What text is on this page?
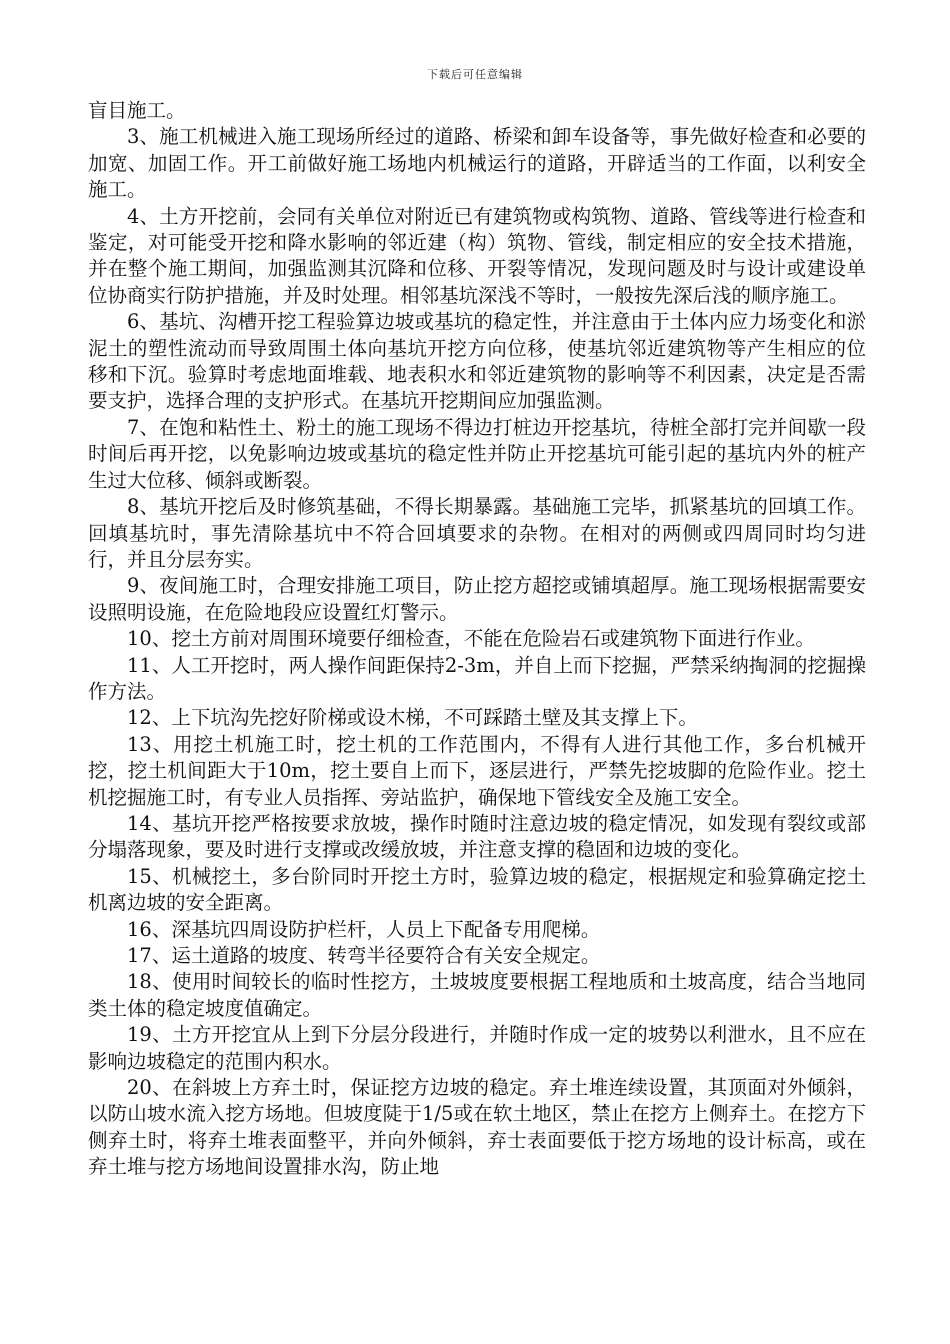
下载后可任意编辑

盲目施工。

3、施工机械进入施工现场所经过的道路、桥梁和卸车设备等，事先做好检查和必要的加宽、加固工作。开工前做好施工场地内机械运行的道路，开辟适当的工作面，以利安全施工。

4、土方开挖前，会同有关单位对附近已有建筑物或构筑物、道路、管线等进行检查和鉴定，对可能受开挖和降水影响的邻近建（构）筑物、管线，制定相应的安全技术措施，并在整个施工期间，加强监测其沉降和位移、开裂等情况，发现问题及时与设计或建设单位协商实行防护措施，并及时处理。相邻基坑深浅不等时，一般按先深后浅的顺序施工。

6、基坑、沟槽开挖工程验算边坡或基坑的稳定性，并注意由于土体内应力场变化和淤泥土的塑性流动而导致周围土体向基坑开挖方向位移，使基坑邻近建筑物等产生相应的位移和下沉。验算时考虑地面堆载、地表积水和邻近建筑物的影响等不利因素，决定是否需要支护，选择合理的支护形式。在基坑开挖期间应加强监测。

7、在饱和粘性土、粉土的施工现场不得边打桩边开挖基坑，待桩全部打完并间歇一段时间后再开挖，以免影响边坡或基坑的稳定性并防止开挖基坑可能引起的基坑内外的桩产生过大位移、倾斜或断裂。

8、基坑开挖后及时修筑基础，不得长期暴露。基础施工完毕，抓紧基坑的回填工作。回填基坑时，事先清除基坑中不符合回填要求的杂物。在相对的两侧或四周同时均匀进行，并且分层夯实。

9、夜间施工时，合理安排施工项目，防止挖方超挖或铺填超厚。施工现场根据需要安设照明设施，在危险地段应设置红灯警示。

10、挖土方前对周围环境要仔细检查，不能在危险岩石或建筑物下面进行作业。

11、人工开挖时，两人操作间距保持2-3m，并自上而下挖掘，严禁采纳掏洞的挖掘操作方法。

12、上下坑沟先挖好阶梯或设木梯，不可踩踏土壁及其支撑上下。

13、用挖土机施工时，挖土机的工作范围内，不得有人进行其他工作，多台机械开挖，挖土机间距大于10m，挖土要自上而下，逐层进行，严禁先挖坡脚的危险作业。挖土机挖掘施工时，有专业人员指挥、旁站监护，确保地下管线安全及施工安全。

14、基坑开挖严格按要求放坡，操作时随时注意边坡的稳定情况，如发现有裂纹或部分塌落现象，要及时进行支撑或改缓放坡，并注意支撑的稳固和边坡的变化。

15、机械挖土，多台阶同时开挖土方时，验算边坡的稳定，根据规定和验算确定挖土机离边坡的安全距离。

16、深基坑四周设防护栏杆，人员上下配备专用爬梯。

17、运土道路的坡度、转弯半径要符合有关安全规定。

18、使用时间较长的临时性挖方，土坡坡度要根据工程地质和土坡高度，结合当地同类土体的稳定坡度值确定。

19、土方开挖宜从上到下分层分段进行，并随时作成一定的坡势以利泄水，且不应在影响边坡稳定的范围内积水。

20、在斜坡上方弃土时，保证挖方边坡的稳定。弃土堆连续设置，其顶面对外倾斜，以防山坡水流入挖方场地。但坡度陡于1/5或在软土地区，禁止在挖方上侧弃土。在挖方下侧弃土时，将弃土堆表面整平，并向外倾斜，弃士表面要低于挖方场地的设计标高，或在弃土堆与挖方场地间设置排水沟，防止地
